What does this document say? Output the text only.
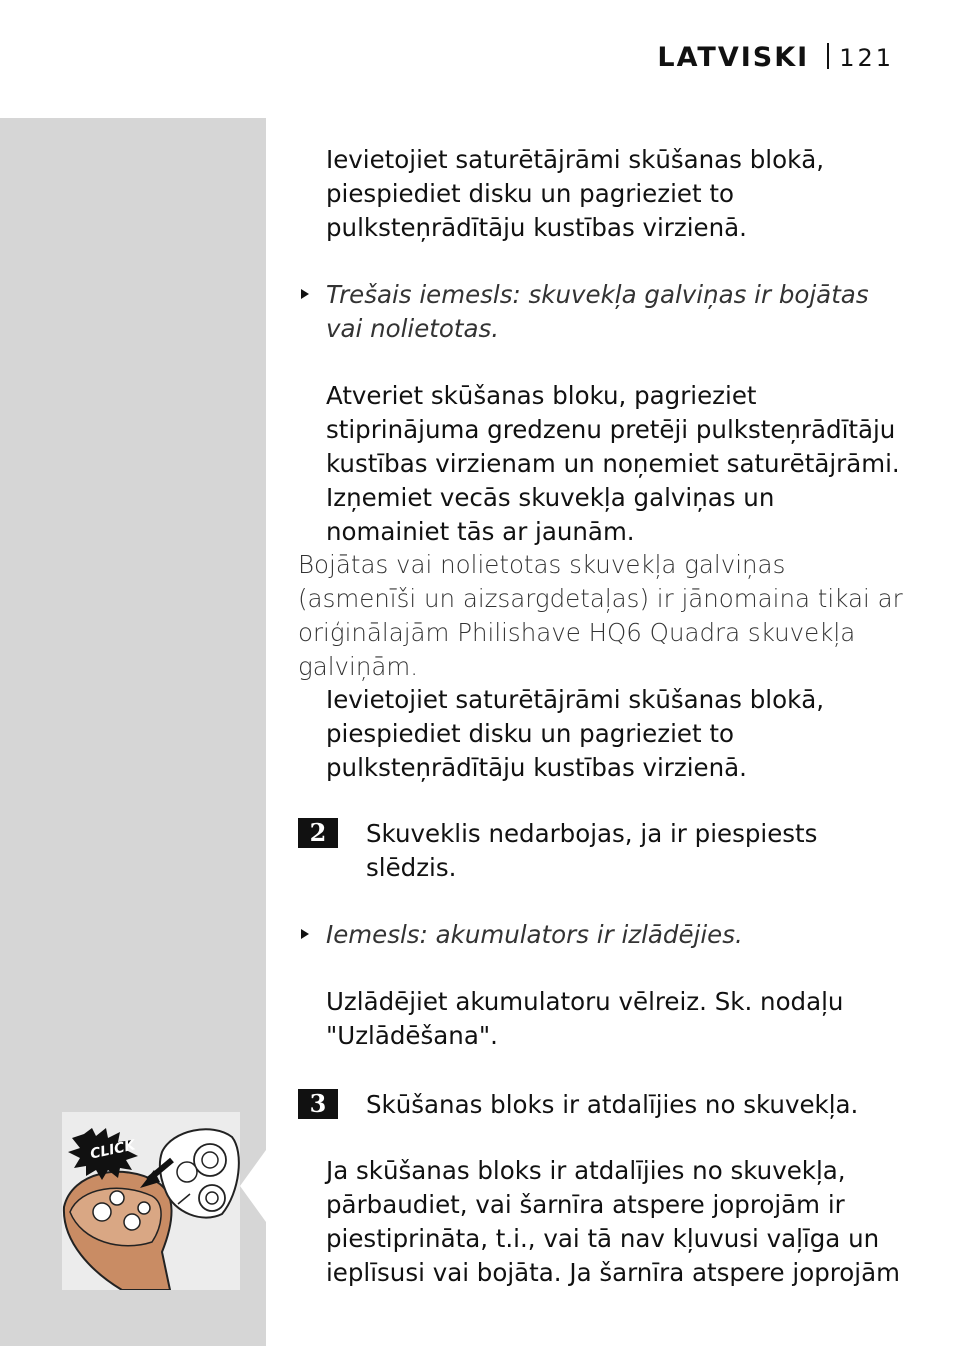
LATVISKI 121
CLICK

Ievietojiet saturētājrāmi skūšanas blokā, piespiediet disku un pagrieziet to pulksteņrādītāju kustības virzienā.

Trešais iemesls: skuvekļa galviņas ir bojātas vai nolietotas.

Atveriet skūšanas bloku, pagrieziet stiprinājuma gredzenu pretēji pulksteņrādītāju kustības virzienam un noņemiet saturētājrāmi. Izņemiet vecās skuvekļa galviņas un nomainiet tās ar jaunām.

Bojātas vai nolietotas skuvekļa galviņas (asmenīši un aizsargdetaļas) ir jānomaina tikai ar oriģinālajām Philishave HQ6 Quadra skuvekļa galviņām.

Ievietojiet saturētājrāmi skūšanas blokā, piespiediet disku un pagrieziet to pulksteņrādītāju kustības virzienā.

2	Skuveklis nedarbojas, ja ir piespiests slēdzis.

Iemesls: akumulators ir izlādējies.

Uzlādējiet akumulatoru vēlreiz. Sk. nodaļu "Uzlādēšana".

3	Skūšanas bloks ir atdalījies no skuvekļa.

Ja skūšanas bloks ir atdalījies no skuvekļa, pārbaudiet, vai šarnīra atspere joprojām ir piestiprināta, t.i., vai tā nav kļuvusi vaļīga un ieplīsusi vai bojāta. Ja šarnīra atspere joprojām
